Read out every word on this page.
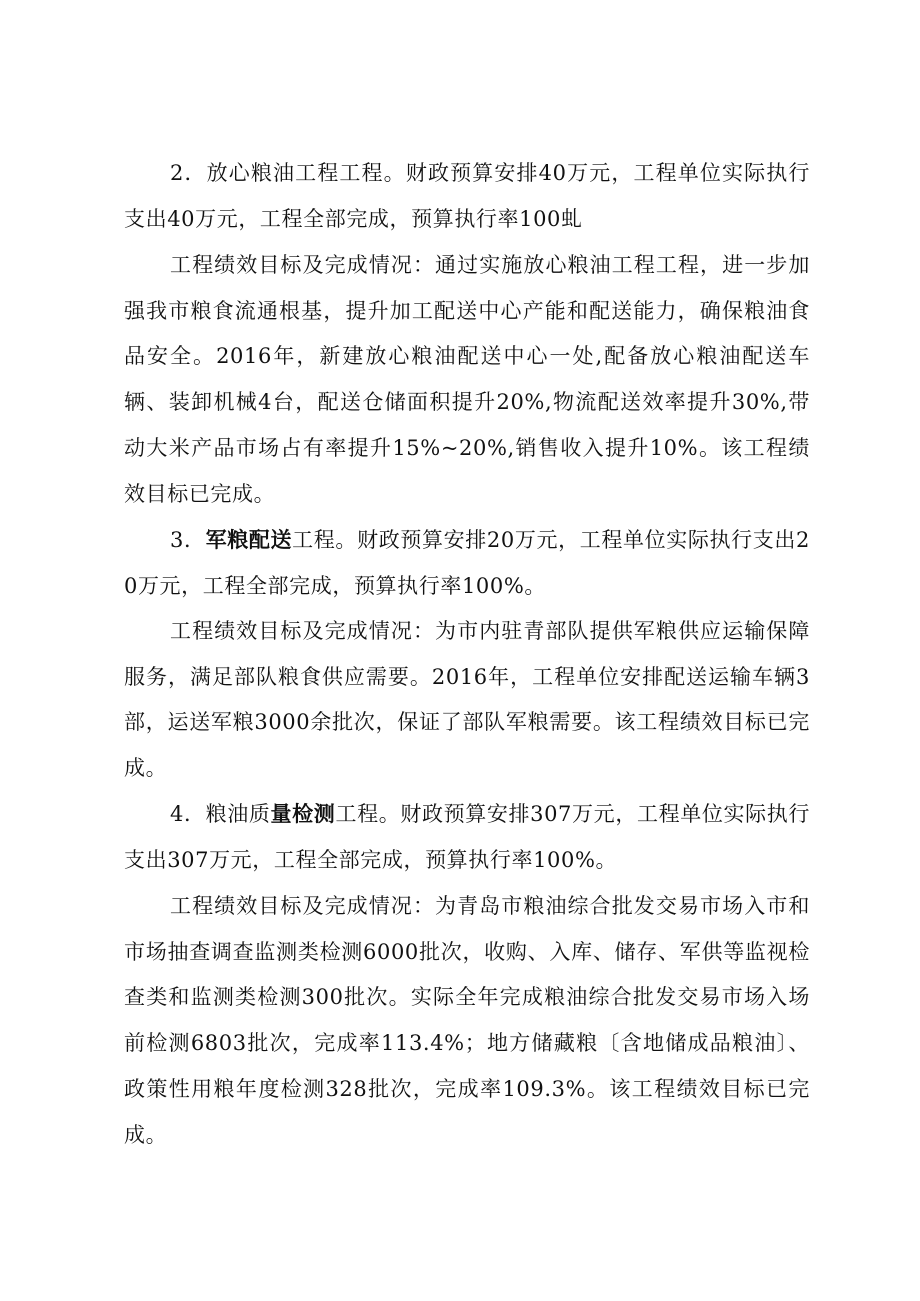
2．放心粮油工程工程。财政预算安排40万元，工程单位实际执行支出40万元，工程全部完成，预算执行率100虬

工程绩效目标及完成情况：通过实施放心粮油工程工程，进一步加强我市粮食流通根基，提升加工配送中心产能和配送能力，确保粮油食品安全。2016年，新建放心粮油配送中心一处,配备放心粮油配送车辆、装卸机械4台，配送仓储面积提升20%,物流配送效率提升30%,带动大米产品市场占有率提升15%~20%,销售收入提升10%。该工程绩效目标已完成。

3．军粮配送工程。财政预算安排20万元，工程单位实际执行支出20万元，工程全部完成，预算执行率100%。

工程绩效目标及完成情况：为市内驻青部队提供军粮供应运输保障服务，满足部队粮食供应需要。2016年，工程单位安排配送运输车辆3部，运送军粮3000余批次，保证了部队军粮需要。该工程绩效目标已完成。

4．粮油质量检测工程。财政预算安排307万元，工程单位实际执行支出307万元，工程全部完成，预算执行率100%。

工程绩效目标及完成情况：为青岛市粮油综合批发交易市场入市和市场抽查调查监测类检测6000批次，收购、入库、储存、军供等监视检查类和监测类检测300批次。实际全年完成粮油综合批发交易市场入场前检测6803批次，完成率113.4%；地方储藏粮〔含地储成品粮油〕、政策性用粮年度检测328批次，完成率109.3%。该工程绩效目标已完成。
